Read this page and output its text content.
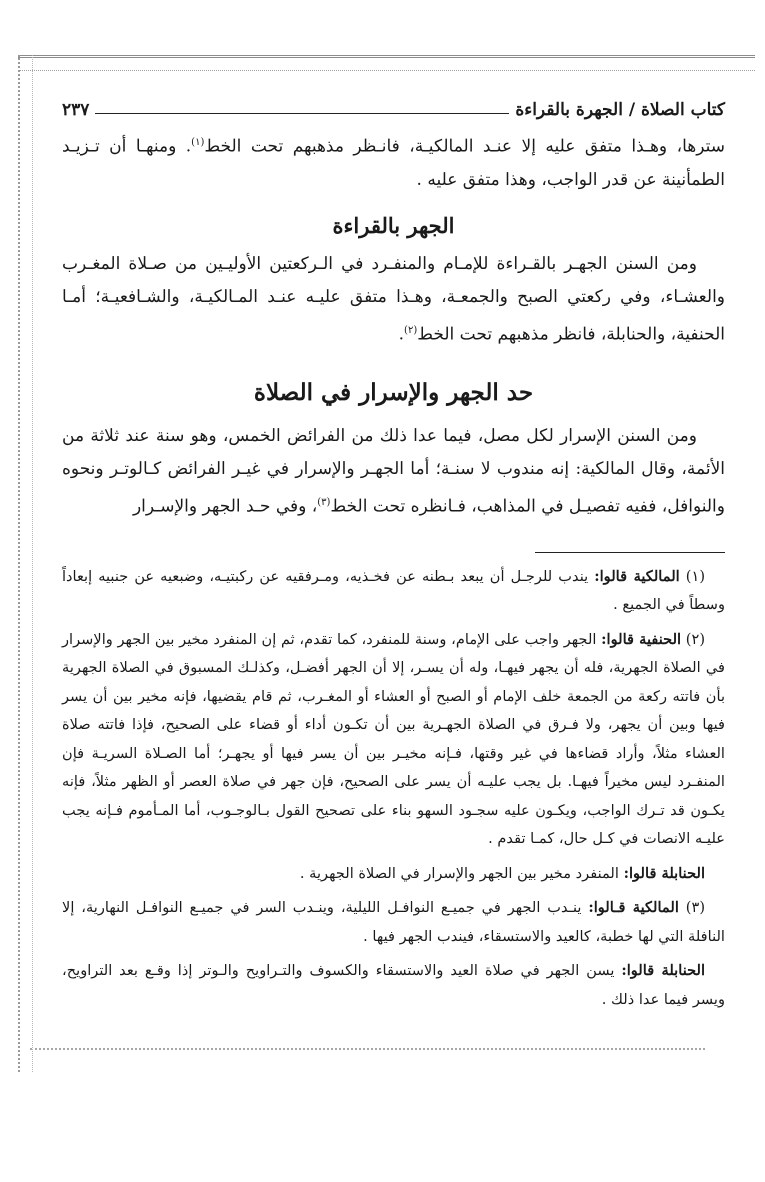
كتاب الصلاة / الجهرة بالقراءة
٢٣٧

سترها، وهـذا متفق عليه إلا عنـد المالكيـة، فانـظر مذهبهم تحت الخط$^{(١)}$. ومنهـا أن تـزيـد الطمأنينة عن قدر الواجب، وهذا متفق عليه .

الجهر بالقراءة

ومن السنن الجهـر بالقـراءة للإمـام والمنفـرد في الـركعتين الأوليـين من صـلاة المغـرب والعشـاء، وفي ركعتي الصبح والجمعـة، وهـذا متفق عليـه عنـد المـالكيـة، والشـافعيـة؛ أمـا الحنفية، والحنابلة، فانظر مذهبهم تحت الخط$^{(٢)}$.

حد الجهر والإسرار في الصلاة

ومن السنن الإسرار لكل مصل، فيما عدا ذلك من الفرائض الخمس، وهو سنة عند ثلاثة من الأئمة، وقال المالكية: إنه مندوب لا سنـة؛ أما الجهـر والإسرار في غيـر الفرائض كـالوتـر ونحوه والنوافل، ففيه تفصيـل في المذاهب، فـانظره تحت الخط$^{(٣)}$، وفي حـد الجهر والإسـرار

(١) المالكية قالوا: يندب للرجـل أن يبعد بـطنه عن فخـذيه، ومـرفقيه عن ركبتيـه، وضبعيه عن جنبيه إبعاداً وسطاً في الجميع .

(٢) الحنفية قالوا: الجهر واجب على الإمام، وسنة للمنفرد، كما تقدم، ثم إن المنفرد مخير بين الجهر والإسرار في الصلاة الجهرية، فله أن يجهر فيهـا، وله أن يسـر، إلا أن الجهر أفضـل، وكذلـك المسبوق في الصلاة الجهرية بأن فاتته ركعة من الجمعة خلف الإمام أو الصبح أو العشاء أو المغـرب، ثم قام يقضيها، فإنه مخير بين أن يسر فيها وبين أن يجهر، ولا فـرق في الصلاة الجهـرية بين أن تكـون أداء أو قضاء على الصحيح، فإذا فاتته صلاة العشاء مثلاً، وأراد قضاءها في غير وقتها، فـإنه مخيـر بين أن يسر فيها أو يجهـر؛ أما الصـلاة السريـة فإن المنفـرد ليس مخيراً فيهـا. بل يجب عليـه أن يسر على الصحيح، فإن جهر في صلاة العصر أو الظهر مثلاً، فإنه يكـون قد تـرك الواجب، ويكـون عليه سجـود السهو بناء على تصحيح القول بـالوجـوب، أما المـأموم فـإنه يجب عليـه الانصات في كـل حال، كمـا تقدم .

الحنابلة قالوا: المنفرد مخير بين الجهر والإسرار في الصلاة الجهرية .

(٣) المالكية قـالوا: ينـدب الجهر في جميـع النوافـل الليلية، وينـدب السر في جميـع النوافـل النهارية، إلا النافلة التي لها خطبة، كالعيد والاستسقاء، فيندب الجهر فيها .

الحنابلة قالوا: يسن الجهر في صلاة العيد والاستسقاء والكسوف والتـراويح والـوتر إذا وقـع بعد التراويح، ويسر فيما عدا ذلك .
